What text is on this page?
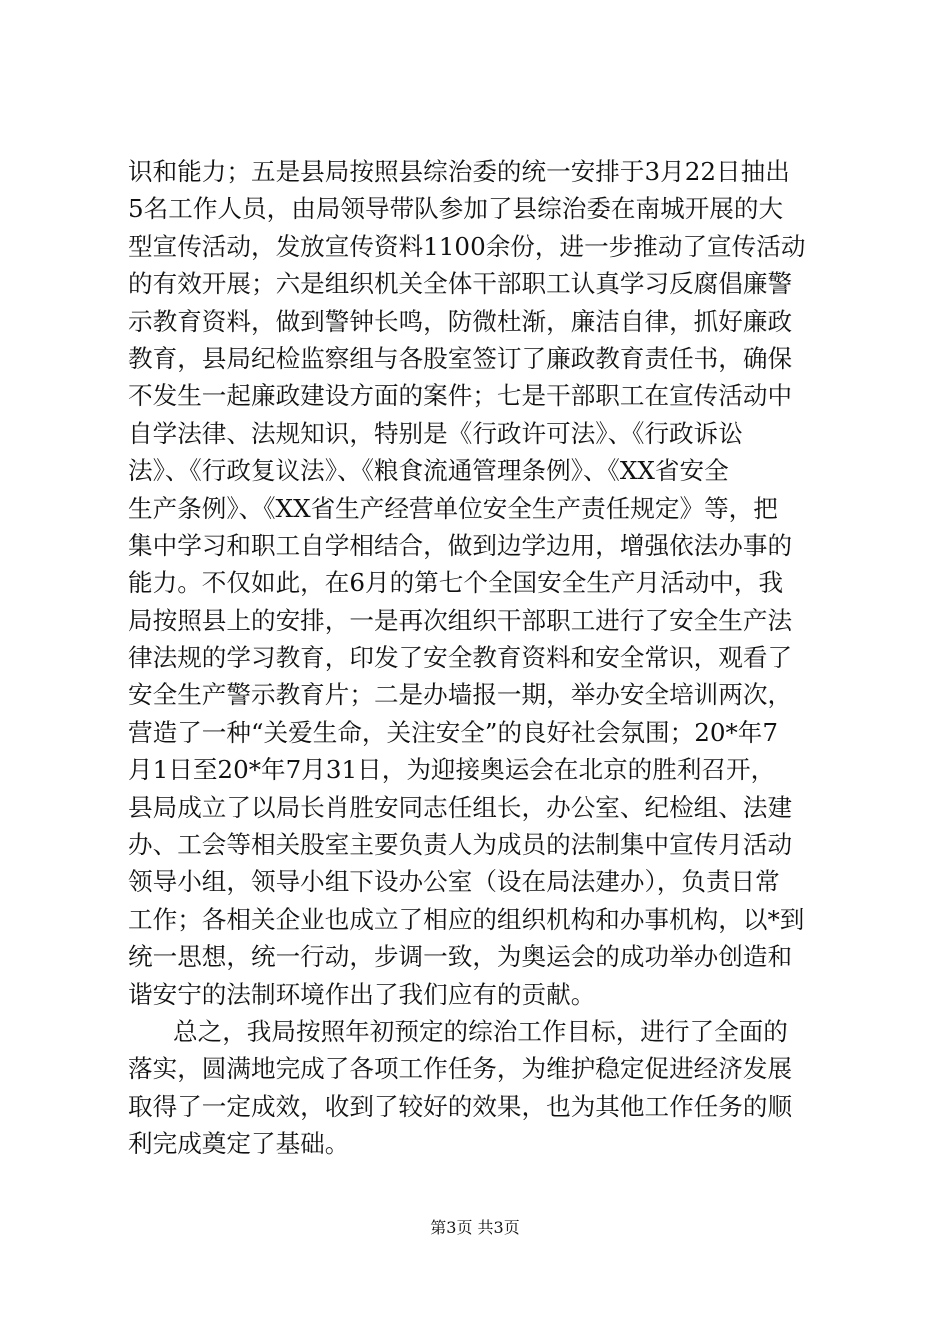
识和能力；五是县局按照县综治委的统一安排于3月22日抽出
5名工作人员，由局领导带队参加了县综治委在南城开展的大
型宣传活动，发放宣传资料1100余份，进一步推动了宣传活动
的有效开展；六是组织机关全体干部职工认真学习反腐倡廉警
示教育资料，做到警钟长鸣，防微杜渐，廉洁自律，抓好廉政
教育，县局纪检监察组与各股室签订了廉政教育责任书，确保
不发生一起廉政建设方面的案件；七是干部职工在宣传活动中
自学法律、法规知识，特别是《行政许可法》、《行政诉讼
法》、《行政复议法》、《粮食流通管理条例》、《XX省安全
生产条例》、《XX省生产经营单位安全生产责任规定》等，把
集中学习和职工自学相结合，做到边学边用，增强依法办事的
能力。不仅如此，在6月的第七个全国安全生产月活动中，我
局按照县上的安排，一是再次组织干部职工进行了安全生产法
律法规的学习教育，印发了安全教育资料和安全常识，观看了
安全生产警示教育片；二是办墙报一期，举办安全培训两次，
营造了一种“关爱生命，关注安全”的良好社会氛围；20*年7
月1日至20*年7月31日，为迎接奥运会在北京的胜利召开，
县局成立了以局长肖胜安同志任组长，办公室、纪检组、法建
办、工会等相关股室主要负责人为成员的法制集中宣传月活动
领导小组，领导小组下设办公室（设在局法建办），负责日常
工作；各相关企业也成立了相应的组织机构和办事机构，以*到
统一思想，统一行动，步调一致，为奥运会的成功举办创造和
谐安宁的法制环境作出了我们应有的贡献。
总之，我局按照年初预定的综治工作目标，进行了全面的
落实，圆满地完成了各项工作任务，为维护稳定促进经济发展
取得了一定成效，收到了较好的效果，也为其他工作任务的顺
利完成奠定了基础。
第3页 共3页
